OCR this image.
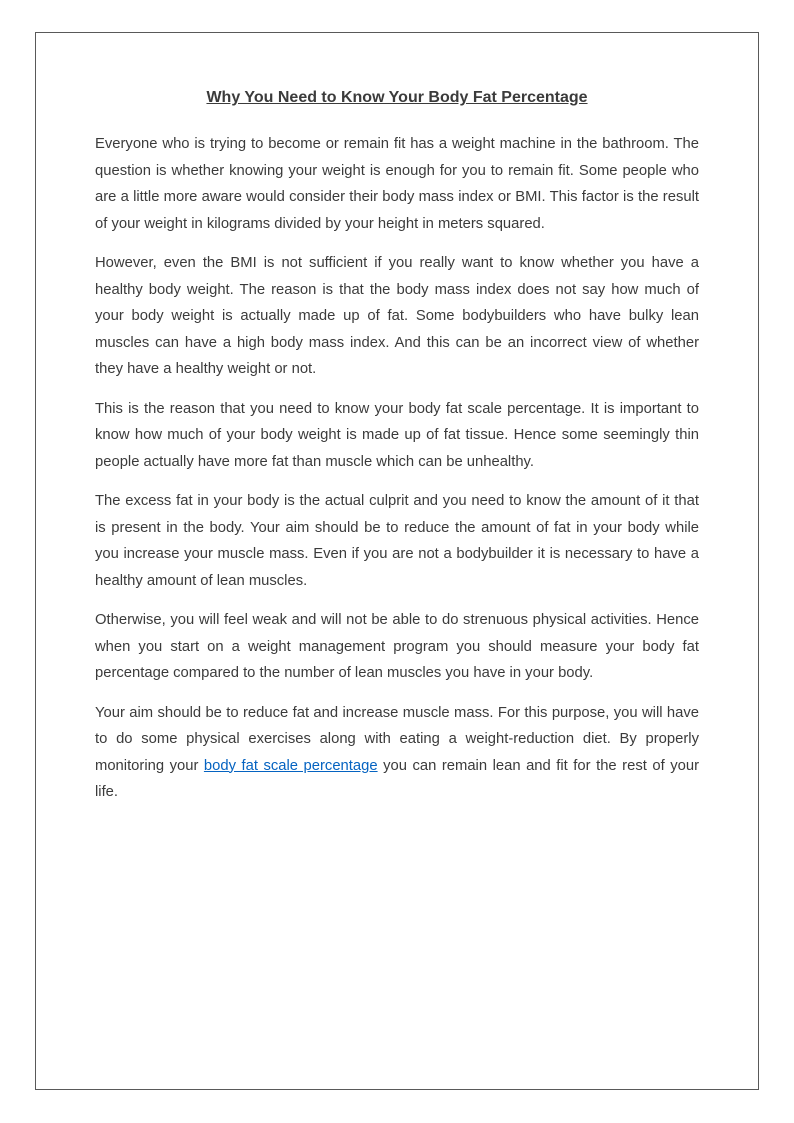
Why You Need to Know Your Body Fat Percentage

Everyone who is trying to become or remain fit has a weight machine in the bathroom. The question is whether knowing your weight is enough for you to remain fit. Some people who are a little more aware would consider their body mass index or BMI. This factor is the result of your weight in kilograms divided by your height in meters squared.

However, even the BMI is not sufficient if you really want to know whether you have a healthy body weight. The reason is that the body mass index does not say how much of your body weight is actually made up of fat. Some bodybuilders who have bulky lean muscles can have a high body mass index. And this can be an incorrect view of whether they have a healthy weight or not.

This is the reason that you need to know your body fat scale percentage. It is important to know how much of your body weight is made up of fat tissue. Hence some seemingly thin people actually have more fat than muscle which can be unhealthy.

The excess fat in your body is the actual culprit and you need to know the amount of it that is present in the body. Your aim should be to reduce the amount of fat in your body while you increase your muscle mass. Even if you are not a bodybuilder it is necessary to have a healthy amount of lean muscles.

Otherwise, you will feel weak and will not be able to do strenuous physical activities. Hence when you start on a weight management program you should measure your body fat percentage compared to the number of lean muscles you have in your body.

Your aim should be to reduce fat and increase muscle mass. For this purpose, you will have to do some physical exercises along with eating a weight-reduction diet. By properly monitoring your body fat scale percentage you can remain lean and fit for the rest of your life.
